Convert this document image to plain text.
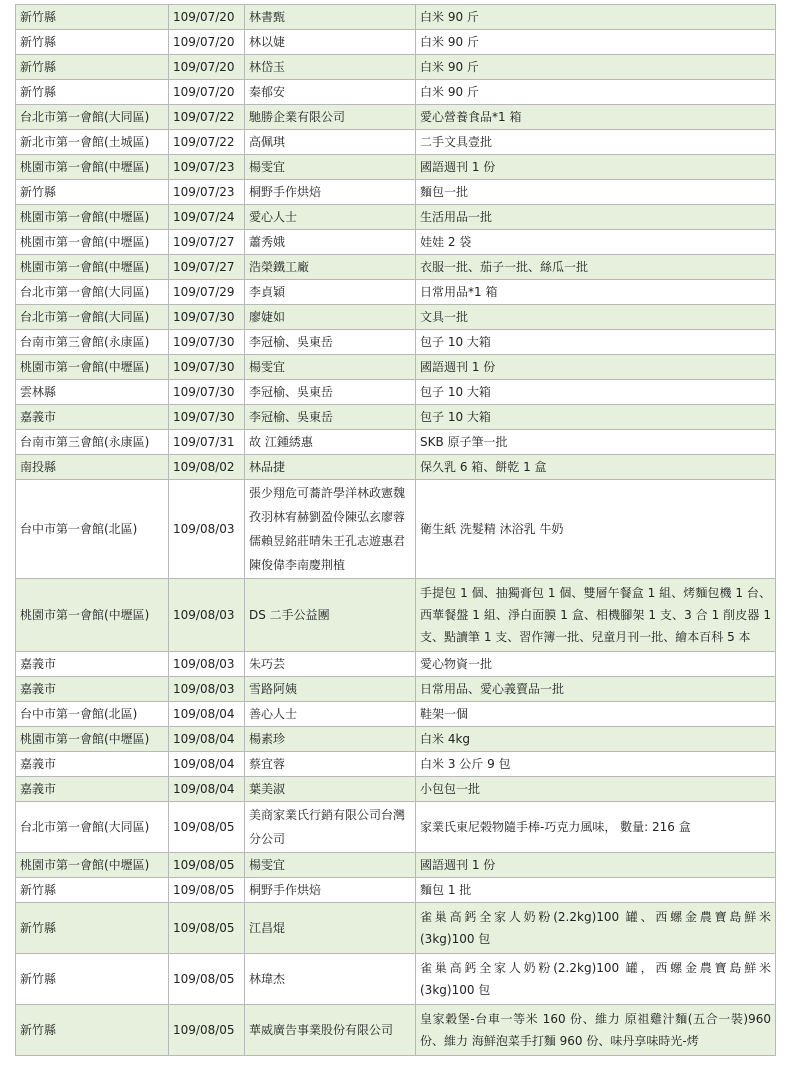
新竹縣	109/07/20	林書甄	白米 90 斤
新竹縣	109/07/20	林以婕	白米 90 斤
新竹縣	109/07/20	林岱玉	白米 90 斤
新竹縣	109/07/20	秦郁安	白米 90 斤
台北市第一會館(大同區)	109/07/22	馳勝企業有限公司	愛心營養食品*1 箱
新北市第一會館(土城區)	109/07/22	高佩琪	二手文具壹批
桃園市第一會館(中壢區)	109/07/23	楊雯宜	國語週刊 1 份
新竹縣	109/07/23	桐野手作烘焙	麵包一批
桃園市第一會館(中壢區)	109/07/24	愛心人士	生活用品一批
桃園市第一會館(中壢區)	109/07/27	蕭秀娥	娃娃 2 袋
桃園市第一會館(中壢區)	109/07/27	浩榮鐵工廠	衣服一批、茄子一批、絲瓜一批
台北市第一會館(大同區)	109/07/29	李貞穎	日常用品*1 箱
台北市第一會館(大同區)	109/07/30	廖婕如	文具一批
台南市第三會館(永康區)	109/07/30	李冠榆、吳東岳	包子 10 大箱
桃園市第一會館(中壢區)	109/07/30	楊雯宜	國語週刊 1 份
雲林縣	109/07/30	李冠榆、吳東岳	包子 10 大箱
嘉義市	109/07/30	李冠榆、吳東岳	包子 10 大箱
台南市第三會館(永康區)	109/07/31	故 江鍾綉惠	SKB 原子筆一批
南投縣	109/08/02	林品捷	保久乳 6 箱、餅乾 1 盒
台中市第一會館(北區)	109/08/03	張少翔危可蕎許學洋林政憲魏孜羽林宥赫劉盈伶陳弘玄廖蓉儒賴昱銘莊晴朱王孔志遊惠君陳俊偉李南慶荆植	衛生紙 洗髮精 沐浴乳 牛奶
桃園市第一會館(中壢區)	109/08/03	DS 二手公益團	手提包 1 個、抽獨膏包 1 個、雙層午餐盒 1 組、烤麵包機 1 台、西華餐盤 1 組、淨白面膜 1 盒、相機腳架 1 支、3 合 1 削皮器 1 支、點讀筆 1 支、習作簿一批、兒童月刊一批、繪本百科 5 本
嘉義市	109/08/03	朱巧芸	愛心物資一批
嘉義市	109/08/03	雪路阿姨	日常用品、愛心義賣品一批
台中市第一會館(北區)	109/08/04	善心人士	鞋架一個
桃園市第一會館(中壢區)	109/08/04	楊素珍	白米 4kg
嘉義市	109/08/04	蔡宜蓉	白米 3 公斤 9 包
嘉義市	109/08/04	葉美淑	小包包一批
台北市第一會館(大同區)	109/08/05	美商家業氏行銷有限公司台灣分公司	家業氏東尼榖物隨手棒-巧克力風味， 數量: 216 盒
桃園市第一會館(中壢區)	109/08/05	楊雯宜	國語週刊 1 份
新竹縣	109/08/05	桐野手作烘焙	麵包 1 批
新竹縣	109/08/05	江昌焜	雀巢高鈣全家人奶粉(2.2kg)100 罐、西螺金農寶島鮮米(3kg)100 包
新竹縣	109/08/05	林瑋杰	雀巢高鈣全家人奶粉(2.2kg)100 罐，西螺金農寶島鮮米(3kg)100 包
新竹縣	109/08/05	華威廣告事業股份有限公司	皇家穀堡-台車一等米 160 份、維力 原祖雞汁麵(五合一裝)960 份、維力 海鮮泡菜手打麵 960 份、味丹享味時光-烤
